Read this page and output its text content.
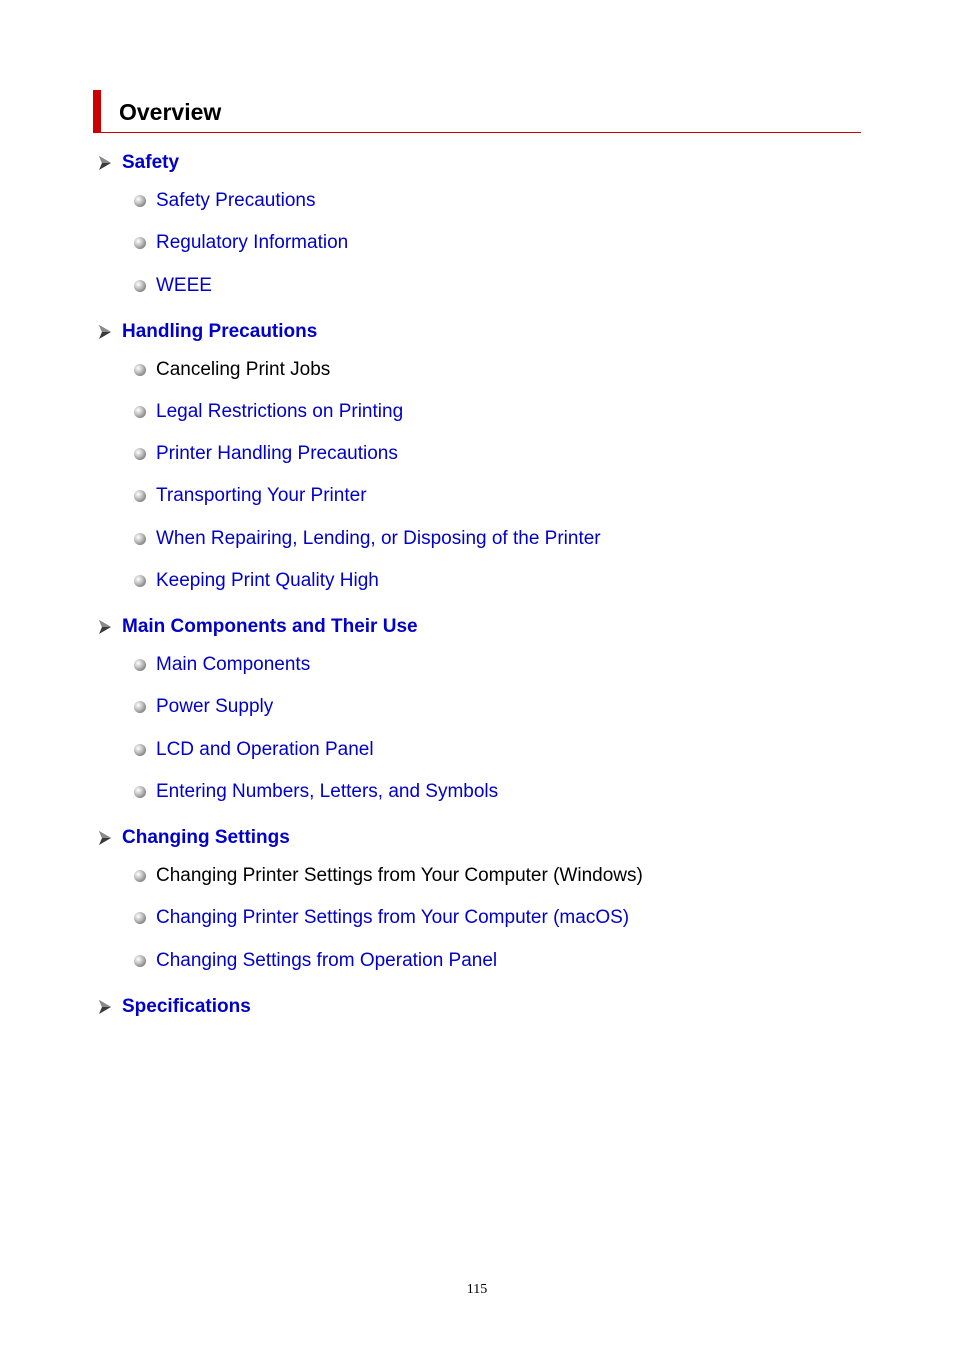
Overview
Safety
Safety Precautions
Regulatory Information
WEEE
Handling Precautions
Canceling Print Jobs
Legal Restrictions on Printing
Printer Handling Precautions
Transporting Your Printer
When Repairing, Lending, or Disposing of the Printer
Keeping Print Quality High
Main Components and Their Use
Main Components
Power Supply
LCD and Operation Panel
Entering Numbers, Letters, and Symbols
Changing Settings
Changing Printer Settings from Your Computer (Windows)
Changing Printer Settings from Your Computer (macOS)
Changing Settings from Operation Panel
Specifications
115
